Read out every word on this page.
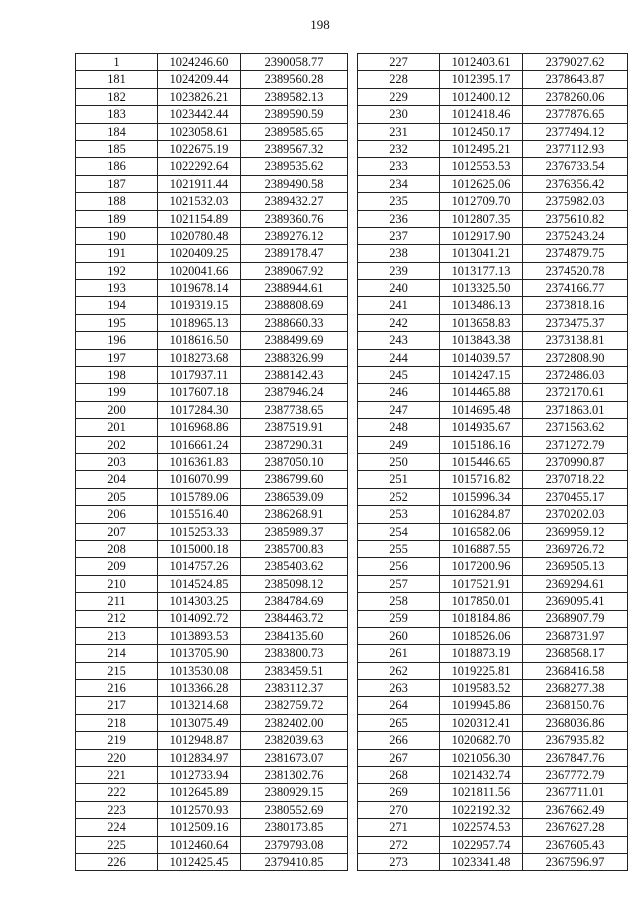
198
1	1024246.60	2390058.77
181	1024209.44	2389560.28
182	1023826.21	2389582.13
183	1023442.44	2389590.59
184	1023058.61	2389585.65
185	1022675.19	2389567.32
186	1022292.64	2389535.62
187	1021911.44	2389490.58
188	1021532.03	2389432.27
189	1021154.89	2389360.76
190	1020780.48	2389276.12
191	1020409.25	2389178.47
192	1020041.66	2389067.92
193	1019678.14	2388944.61
194	1019319.15	2388808.69
195	1018965.13	2388660.33
196	1018616.50	2388499.69
197	1018273.68	2388326.99
198	1017937.11	2388142.43
199	1017607.18	2387946.24
200	1017284.30	2387738.65
201	1016968.86	2387519.91
202	1016661.24	2387290.31
203	1016361.83	2387050.10
204	1016070.99	2386799.60
205	1015789.06	2386539.09
206	1015516.40	2386268.91
207	1015253.33	2385989.37
208	1015000.18	2385700.83
209	1014757.26	2385403.62
210	1014524.85	2385098.12
211	1014303.25	2384784.69
212	1014092.72	2384463.72
213	1013893.53	2384135.60
214	1013705.90	2383800.73
215	1013530.08	2383459.51
216	1013366.28	2383112.37
217	1013214.68	2382759.72
218	1013075.49	2382402.00
219	1012948.87	2382039.63
220	1012834.97	2381673.07
221	1012733.94	2381302.76
222	1012645.89	2380929.15
223	1012570.93	2380552.69
224	1012509.16	2380173.85
225	1012460.64	2379793.08
226	1012425.45	2379410.85
227	1012403.61	2379027.62
228	1012395.17	2378643.87
229	1012400.12	2378260.06
230	1012418.46	2377876.65
231	1012450.17	2377494.12
232	1012495.21	2377112.93
233	1012553.53	2376733.54
234	1012625.06	2376356.42
235	1012709.70	2375982.03
236	1012807.35	2375610.82
237	1012917.90	2375243.24
238	1013041.21	2374879.75
239	1013177.13	2374520.78
240	1013325.50	2374166.77
241	1013486.13	2373818.16
242	1013658.83	2373475.37
243	1013843.38	2373138.81
244	1014039.57	2372808.90
245	1014247.15	2372486.03
246	1014465.88	2372170.61
247	1014695.48	2371863.01
248	1014935.67	2371563.62
249	1015186.16	2371272.79
250	1015446.65	2370990.87
251	1015716.82	2370718.22
252	1015996.34	2370455.17
253	1016284.87	2370202.03
254	1016582.06	2369959.12
255	1016887.55	2369726.72
256	1017200.96	2369505.13
257	1017521.91	2369294.61
258	1017850.01	2369095.41
259	1018184.86	2368907.79
260	1018526.06	2368731.97
261	1018873.19	2368568.17
262	1019225.81	2368416.58
263	1019583.52	2368277.38
264	1019945.86	2368150.76
265	1020312.41	2368036.86
266	1020682.70	2367935.82
267	1021056.30	2367847.76
268	1021432.74	2367772.79
269	1021811.56	2367711.01
270	1022192.32	2367662.49
271	1022574.53	2367627.28
272	1022957.74	2367605.43
273	1023341.48	2367596.97
